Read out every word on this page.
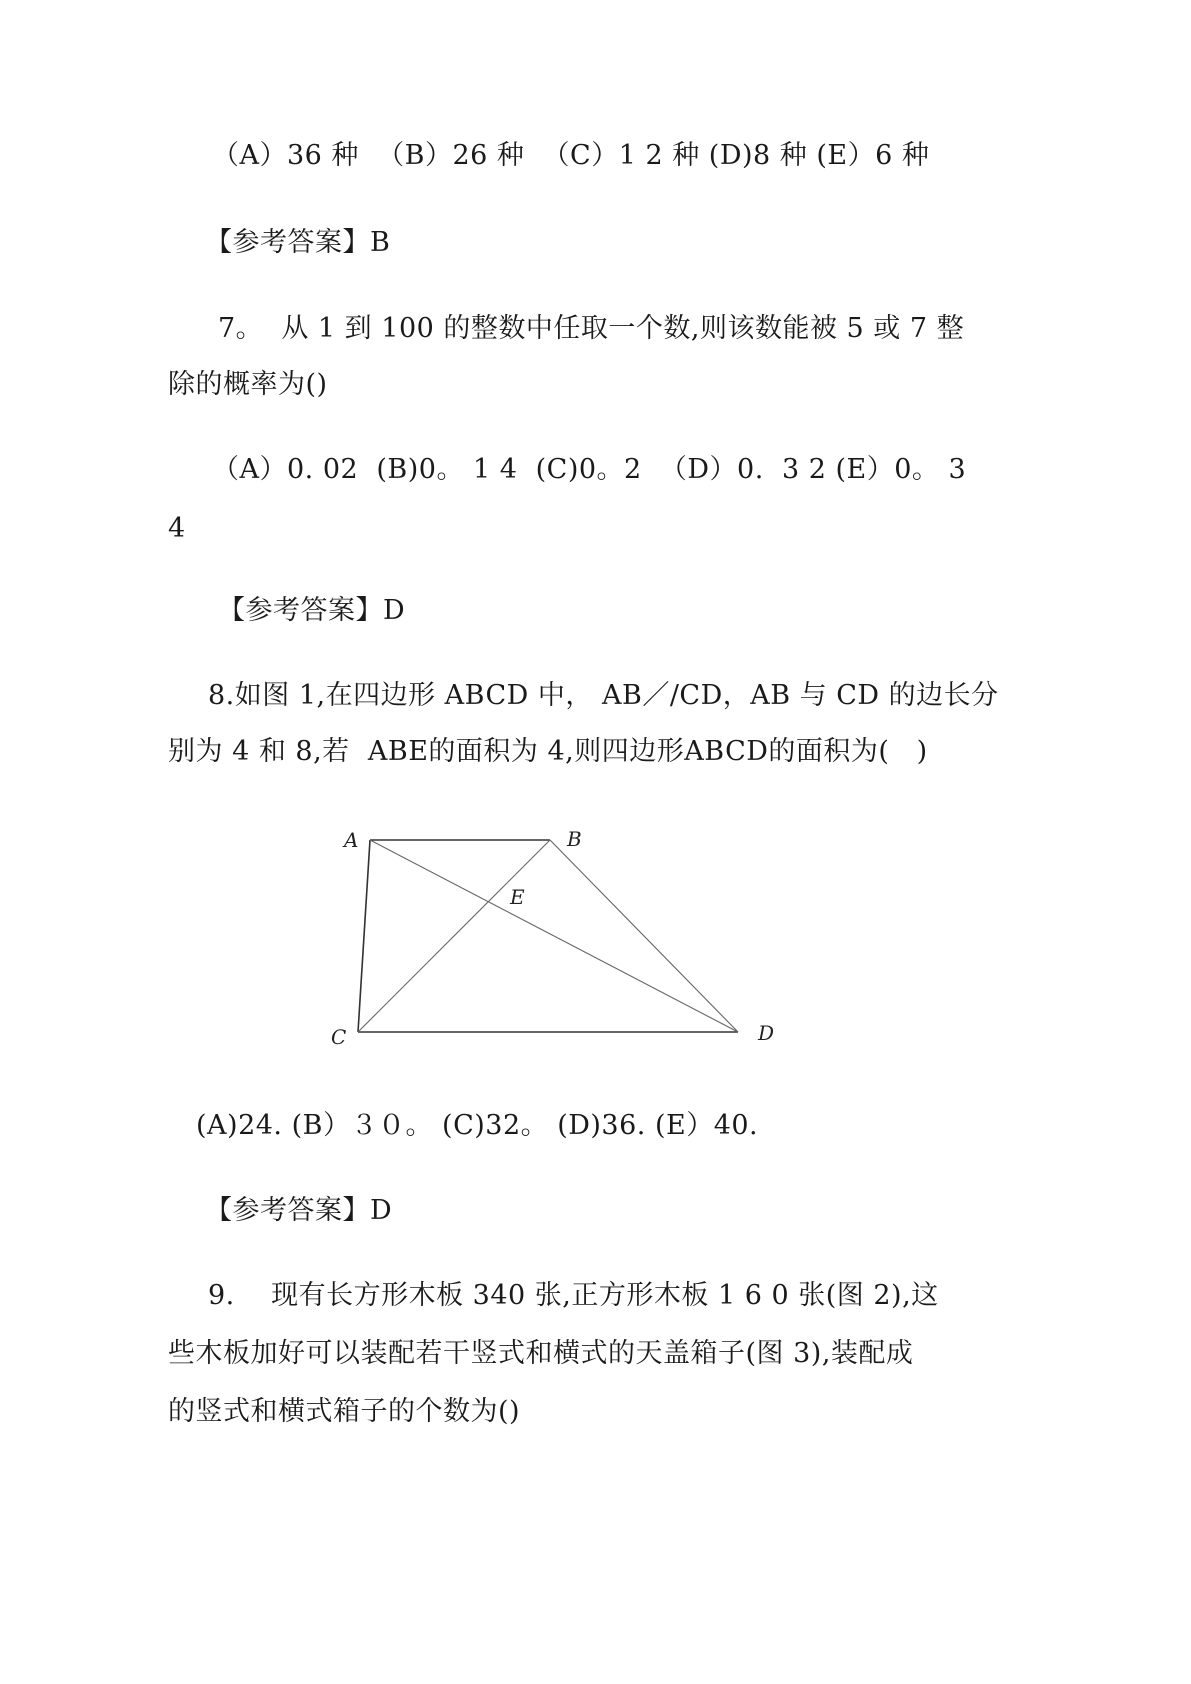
（A）36 种  （B）26 种  （C）1 2 种 (D)8 种 (E）6 种
【参考答案】B
7。  从 1 到 100 的整数中任取一个数,则该数能被 5 或 7 整
除的概率为()
（A）0. 02  (B)0。 1 4  (C)0。2  （D）0.  3 2 (E）0。 3
4
【参考答案】D
8.如图 1,在四边形 ABCD 中， AB／/CD，AB 与 CD 的边长分
别为 4 和 8,若  ABE的面积为 4,则四边形ABCD的面积为(   )
A	B
E
C	D
(A)24. (B）３０。 (C)32。 (D)36. (E）40.
【参考答案】D
9.    现有长方形木板 340 张,正方形木板 1 6 0 张(图 2),这
些木板加好可以装配若干竖式和横式的天盖箱子(图 3),装配成
的竖式和横式箱子的个数为()
